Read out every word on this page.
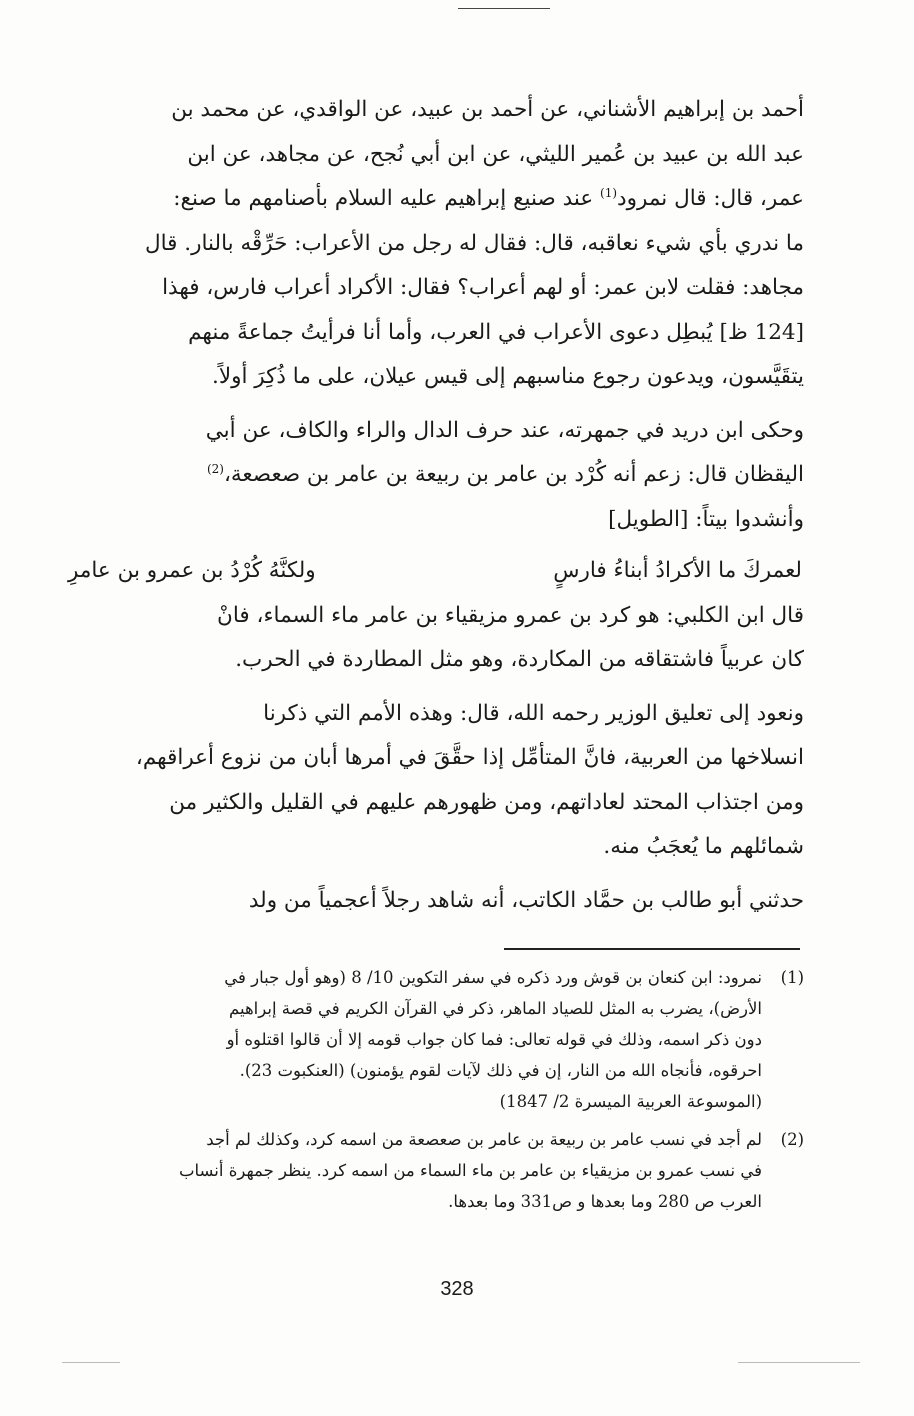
أحمد بن إبراهيم الأشناني، عن أحمد بن عبيد، عن الواقدي، عن محمد بن
عبد الله بن عبيد بن عُمير الليثي، عن ابن أبي نُجح، عن مجاهد، عن ابن
عمر، قال: قال نمرود$^{(1)}$ عند صنيع إبراهيم عليه السلام بأصنامهم ما صنع:
ما ندري بأي شيء نعاقبه، قال: فقال له رجل من الأعراب: حَرِّقْه بالنار. قال
مجاهد: فقلت لابن عمر: أو لهم أعراب؟ فقال: الأكراد أعراب فارس، فهذا
[124 ظ] يُبطِل دعوى الأعراب في العرب، وأما أنا فرأيتُ جماعةً منهم
يتقَيَّسون، ويدعون رجوع مناسبهم إلى قيس عيلان، على ما ذُكِرَ أولاً.

وحكى ابن دريد في جمهرته، عند حرف الدال والراء والكاف، عن أبي
اليقظان قال: زعم أنه كُرْد بن عامر بن ربيعة بن عامر بن صعصعة،$^{(2)}$
وأنشدوا بيتاً: [الطويل]

لعمركَ ما الأكرادُ أبناءُ فارسٍ
ولكنَّهُ كُرْدُ بن عمرو بن عامرِ

قال ابن الكلبي: هو كرد بن عمرو مزيقياء بن عامر ماء السماء، فانْ
كان عربياً فاشتقاقه من المكاردة، وهو مثل المطاردة في الحرب.

ونعود إلى تعليق الوزير رحمه الله، قال: وهذه الأمم التي ذكرنا
انسلاخها من العربية، فانَّ المتأمِّل إذا حقَّقَ في أمرها أبان من نزوع أعراقهم،
ومن اجتذاب المحتد لعاداتهم، ومن ظهورهم عليهم في القليل والكثير من
شمائلهم ما يُعجَبُ منه.

حدثني أبو طالب بن حمَّاد الكاتب، أنه شاهد رجلاً أعجمياً من ولد

(1)
نمرود: ابن كنعان بن قوش ورد ذكره في سفر التكوين 10/ 8 (وهو أول جبار في
الأرض)، يضرب به المثل للصياد الماهر، ذكر في القرآن الكريم في قصة إبراهيم
دون ذكر اسمه، وذلك في قوله تعالى: فما كان جواب قومه إلا أن قالوا اقتلوه أو
احرقوه، فأنجاه الله من النار، إن في ذلك لآيات لقوم يؤمنون) (العنكبوت 23).
(الموسوعة العربية الميسرة 2/ 1847)
(2)
لم أجد في نسب عامر بن ربيعة بن عامر بن صعصعة من اسمه كرد، وكذلك لم أجد
في نسب عمرو بن مزيقياء بن عامر بن ماء السماء من اسمه كرد. ينظر جمهرة أنساب
العرب ص 280 وما بعدها و ص331 وما بعدها.
328
